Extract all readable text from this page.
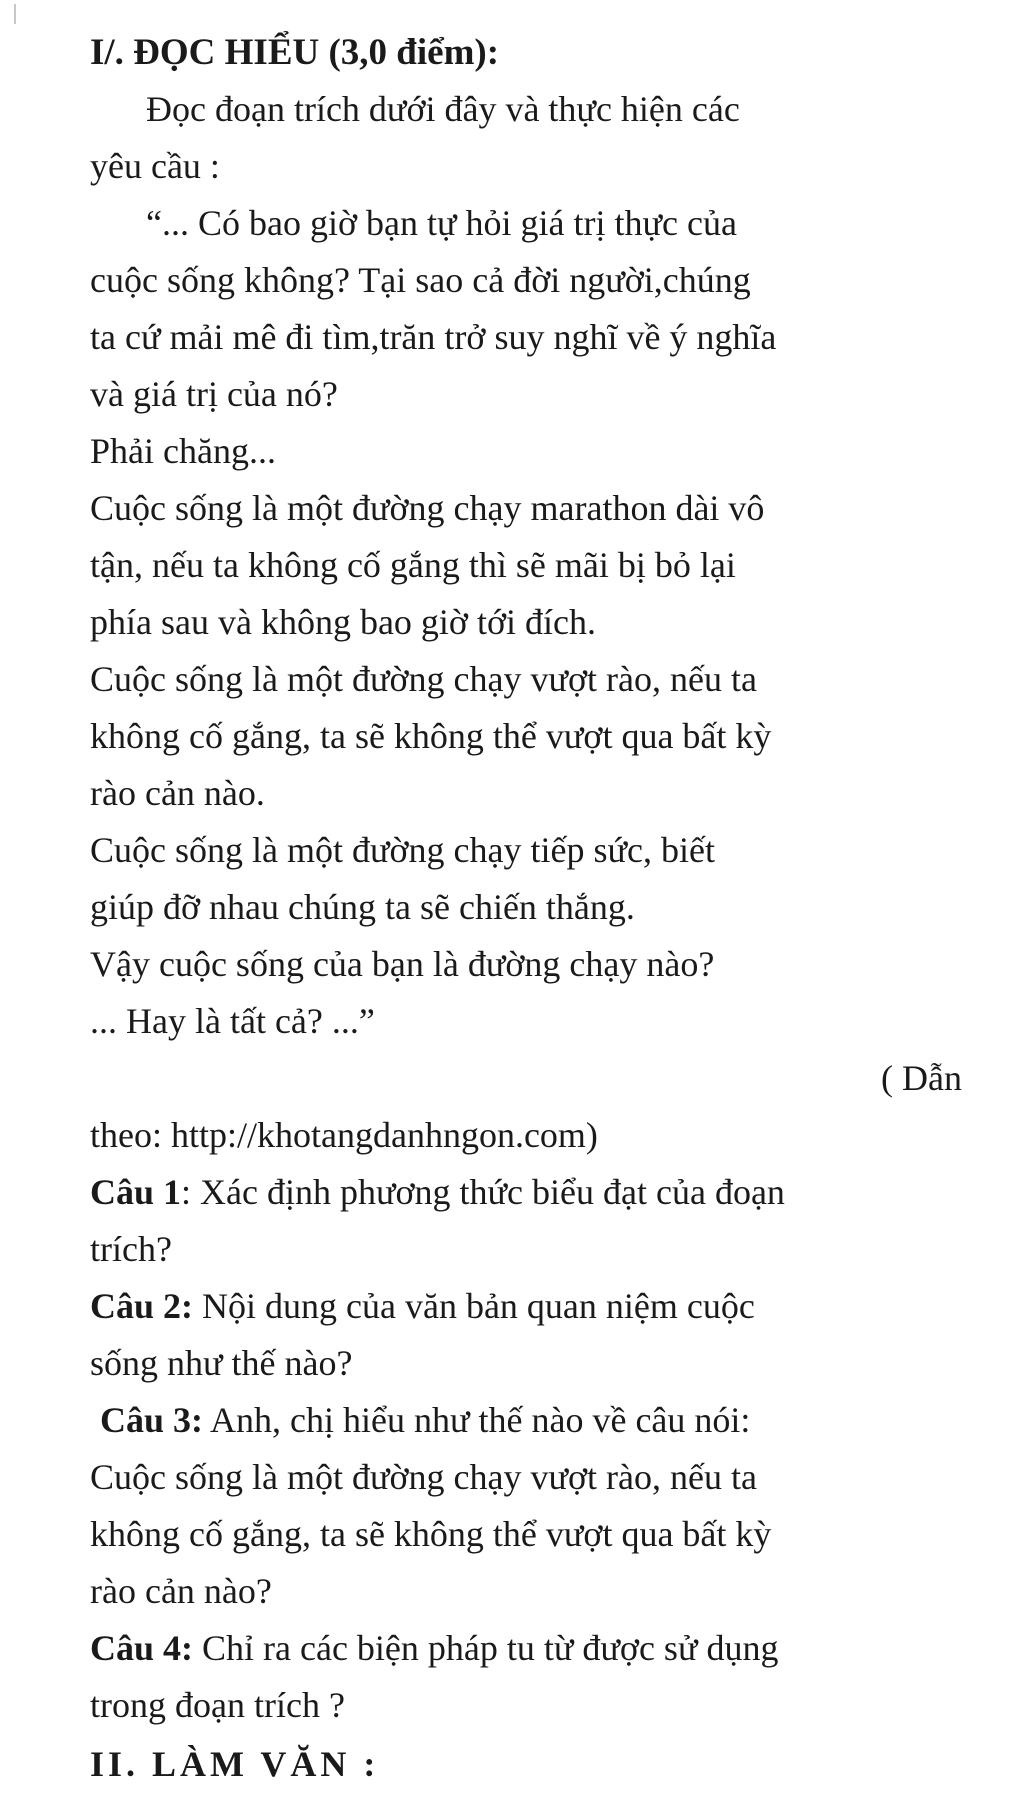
I/. ĐỌC HIỂU (3,0 điểm):
Đọc đoạn trích dưới đây và thực hiện các
yêu cầu :
“... Có bao giờ bạn tự hỏi giá trị thực của
cuộc sống không? Tại sao cả đời người,chúng
ta cứ mải mê đi tìm,trăn trở suy nghĩ về ý nghĩa
và giá trị của nó?
Phải chăng...
Cuộc sống là một đường chạy marathon dài vô
tận, nếu ta không cố gắng thì sẽ mãi bị bỏ lại
phía sau và không bao giờ tới đích.
Cuộc sống là một đường chạy vượt rào, nếu ta
không cố gắng, ta sẽ không thể vượt qua bất kỳ
rào cản nào.
Cuộc sống là một đường chạy tiếp sức, biết
giúp đỡ nhau chúng ta sẽ chiến thắng.
Vậy cuộc sống của bạn là đường chạy nào?
... Hay là tất cả? ...”
( Dẫn
theo: http://khotangdanhngon.com)
Câu 1: Xác định phương thức biểu đạt của đoạn
trích?
Câu 2: Nội dung của văn bản quan niệm cuộc
sống như thế nào?
Câu 3: Anh, chị hiểu như thế nào về câu nói:
Cuộc sống là một đường chạy vượt rào, nếu ta
không cố gắng, ta sẽ không thể vượt qua bất kỳ
rào cản nào?
Câu 4: Chỉ ra các biện pháp tu từ được sử dụng
trong đoạn trích ?
II. LÀM VĂN :
